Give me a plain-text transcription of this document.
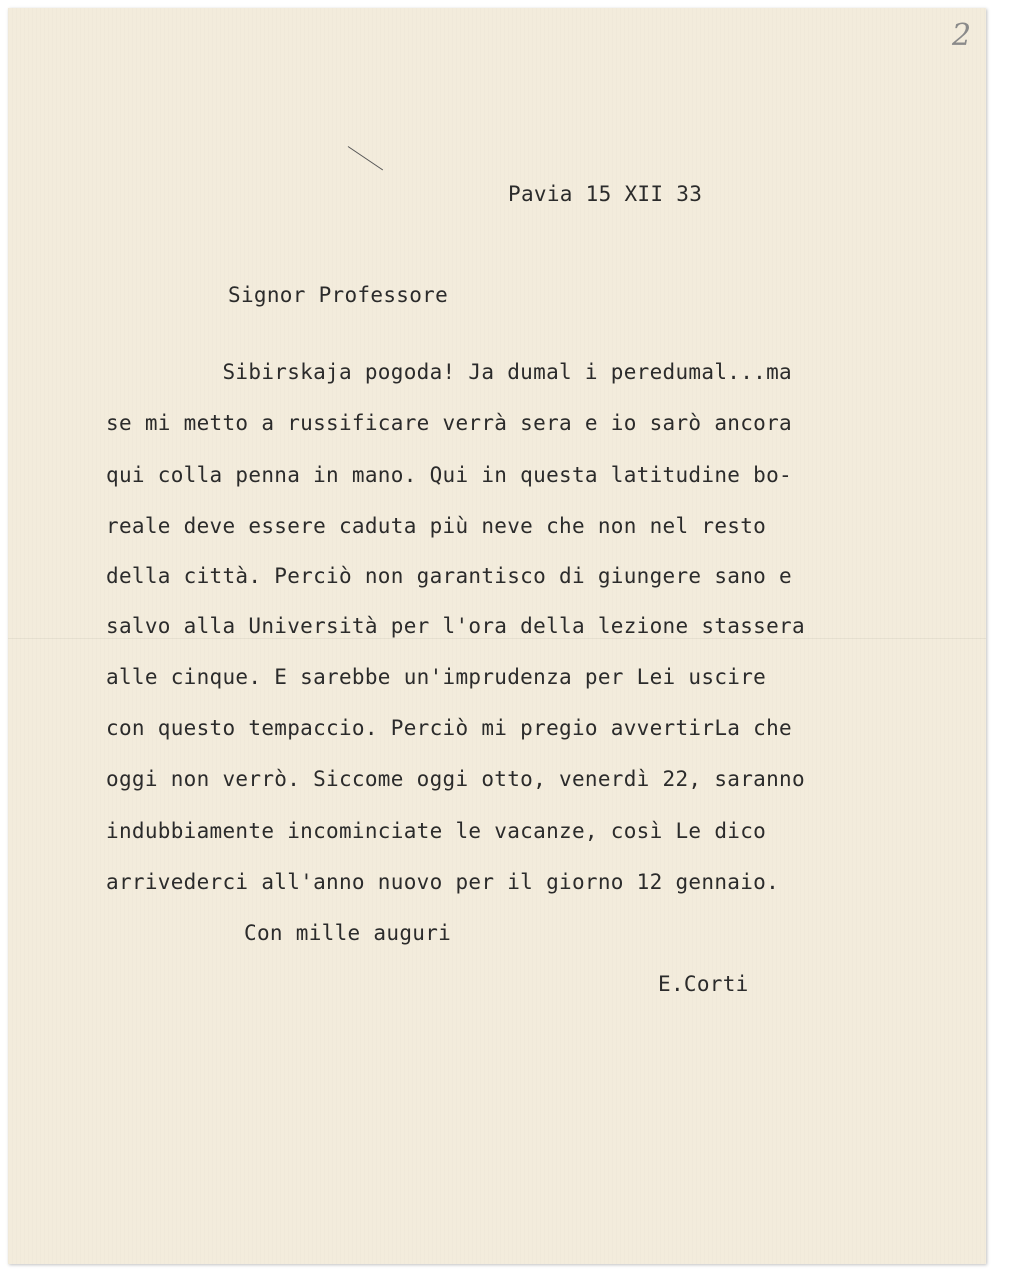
2
Pavia 15 XII 33
Signor Professore
Sibirskaja pogoda! Ja dumal i peredumal...ma
se mi metto a russificare verrà sera e io sarò ancora
qui colla penna in mano. Qui in questa latitudine bo-
reale deve essere caduta più neve che non nel resto
della città. Perciò non garantisco di giungere sano e
salvo alla Università per l'ora della lezione stassera
alle cinque. E sarebbe un'imprudenza per Lei uscire
con questo tempaccio. Perciò mi pregio avvertirLa che
oggi non verrò. Siccome oggi otto, venerdì 22, saranno
indubbiamente incominciate le vacanze, così Le dico
arrivederci all'anno nuovo per il giorno 12 gennaio.
Con mille auguri
E.Corti
